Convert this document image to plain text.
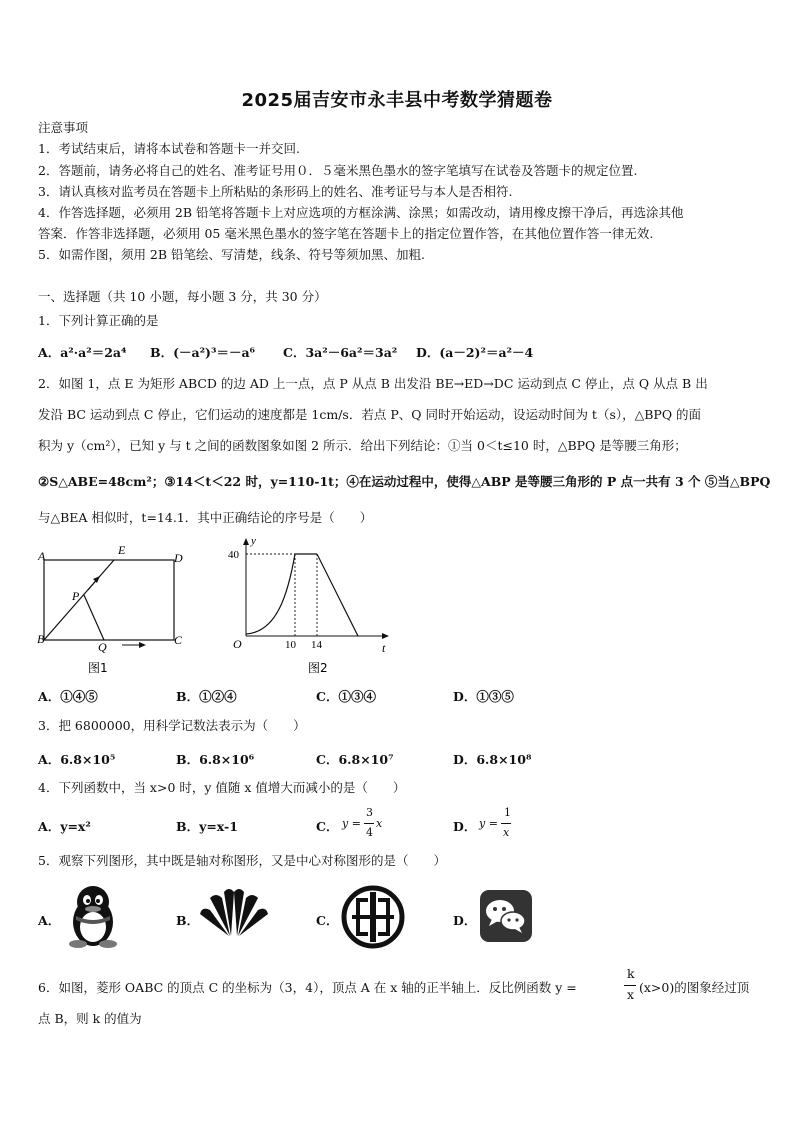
2025届吉安市永丰县中考数学猜题卷
注意事项
1．考试结束后，请将本试卷和答题卡一并交回.
2．答题前，请务必将自己的姓名、准考证号用０．５毫米黑色墨水的签字笔填写在试卷及答题卡的规定位置.
3．请认真核对监考员在答题卡上所粘贴的条形码上的姓名、准考证号与本人是否相符.
4．作答选择题，必须用 2B 铅笔将答题卡上对应选项的方框涂满、涂黑；如需改动，请用橡皮擦干净后，再选涂其他
答案．作答非选择题，必须用 05 毫米黑色墨水的签字笔在答题卡上的指定位置作答，在其他位置作答一律无效.
5．如需作图，须用 2B 铅笔绘、写清楚，线条、符号等须加黑、加粗.
一、选择题（共 10 小题，每小题 3 分，共 30 分）
1．下列计算正确的是
A．a²·a²＝2a⁴ B．(－a²)³＝－a⁶ C．3a²－6a²＝3a² D．(a－2)²＝a²－4
2．如图 1，点 E 为矩形 ABCD 的边 AD 上一点，点 P 从点 B 出发沿 BE→ED→DC 运动到点 C 停止，点 Q 从点 B 出
发沿 BC 运动到点 C 停止，它们运动的速度都是 1cm/s．若点 P、Q 同时开始运动，设运动时间为 t（s），△BPQ 的面
积为 y（cm²），已知 y 与 t 之间的函数图象如图 2 所示．给出下列结论：①当 0＜t≤10 时，△BPQ 是等腰三角形；
②S△ABE=48cm²；③14＜t＜22 时，y=110-1t；④在运动过程中，使得△ABP 是等腰三角形的 P 点一共有 3 个 ⑤当△BPQ
与△BEA 相似时，t=14.1．其中正确结论的序号是（　　）
A	E
D
P
B
Q	C
图1
y
40
O	10 14	t
图2
A．①④⑤	B．①②④	C．①③④	D．①③⑤
3．把 6800000，用科学记数法表示为（　　）
A．6.8×10⁵	B．6.8×10⁶	C．6.8×10⁷	D．6.8×10⁸
4．下列函数中，当 x>0 时，y 值随 x 值增大而减小的是（　　）
A．y=x²	B．y=x-1	C． y =
3
4
x	D． y =
1
x
5．观察下列图形，其中既是轴对称图形，又是中心对称图形的是（　　）
A．	B．	C．	D．
6．如图，菱形 OABC 的顶点 C 的坐标为（3，4），顶点 A 在 x 轴的正半轴上．反比例函数 y =
k
x (x>0)的图象经过顶
点 B，则 k 的值为
